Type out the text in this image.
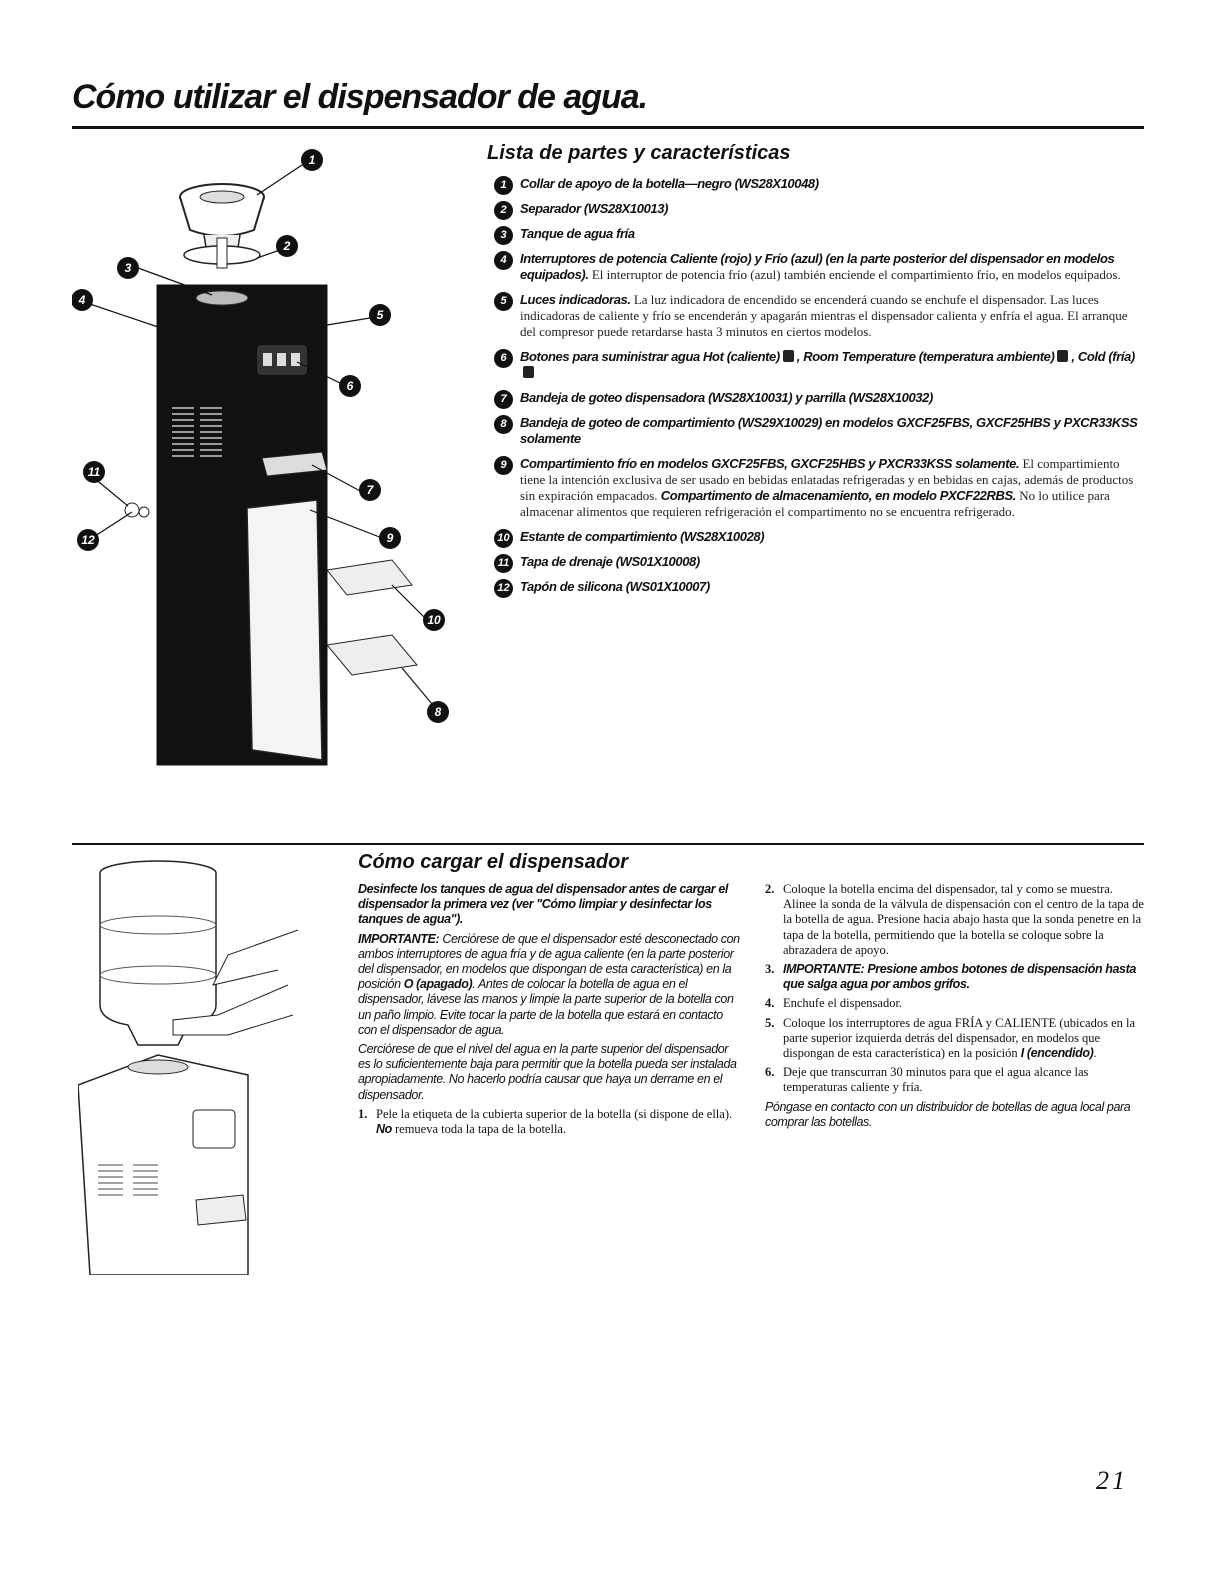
Cómo utilizar el dispensador de agua.
1
2
3
4
5
6
7
8
9
10
11
12
Lista de partes y características
1	Collar de apoyo de la botella—negro (WS28X10048)
2	Separador (WS28X10013)
3	Tanque de agua fría
4	Interruptores de potencia Caliente (rojo) y Frío (azul) (en la parte posterior del dispensador en modelos equipados). El interruptor de potencia frío (azul) también enciende el compartimiento frío, en modelos equipados.
5	Luces indicadoras. La luz indicadora de encendido se encenderá cuando se enchufe el dispensador. Las luces indicadoras de caliente y frío se encenderán y apagarán mientras el dispensador calienta y enfría el agua. El arranque del compresor puede retardarse hasta 3 minutos en ciertos modelos.
6	Botones para suministrar agua Hot (caliente) , Room Temperature (temperatura ambiente) , Cold (fría)
7	Bandeja de goteo dispensadora (WS28X10031) y parrilla (WS28X10032)
8	Bandeja de goteo de compartimiento (WS29X10029) en modelos GXCF25FBS, GXCF25HBS y PXCR33KSS solamente
9	Compartimiento frío en modelos GXCF25FBS, GXCF25HBS y PXCR33KSS solamente. El compartimiento tiene la intención exclusiva de ser usado en bebidas enlatadas refrigeradas y en bebidas en cajas, además de productos sin expiración empacados. Compartimento de almacenamiento, en modelo PXCF22RBS. No lo utilice para almacenar alimentos que requieren refrigeración el compartimento no se encuentra refrigerado.
10 Estante de compartimiento (WS28X10028)
11 Tapa de drenaje (WS01X10008)
12 Tapón de silicona (WS01X10007)
Cómo cargar el dispensador

Desinfecte los tanques de agua del dispensador antes de cargar el dispensador la primera vez (ver "Cómo limpiar y desinfectar los tanques de agua").

IMPORTANTE: Cerciórese de que el dispensador esté desconectado con ambos interruptores de agua fría y de agua caliente (en la parte posterior del dispensador, en modelos que dispongan de esta característica) en la posición O (apagado). Antes de colocar la botella de agua en el dispensador, lávese las manos y limpie la parte superior de la botella con un paño limpio. Evite tocar la parte de la botella que estará en contacto con el dispensador de agua.

Cerciórese de que el nivel del agua en la parte superior del dispensador es lo suficientemente baja para permitir que la botella pueda ser instalada apropiadamente. No hacerlo podría causar que haya un derrame en el dispensador.

1. Pele la etiqueta de la cubierta superior de la botella (si dispone de ella). No remueva toda la tapa de la botella.
2. Coloque la botella encima del dispensador, tal y como se muestra. Alinee la sonda de la válvula de dispensación con el centro de la tapa de la botella de agua. Presione hacia abajo hasta que la sonda penetre en la tapa de la botella, permitiendo que la botella se coloque sobre la abrazadera de apoyo.
3. IMPORTANTE: Presione ambos botones de dispensación hasta que salga agua por ambos grifos.
4. Enchufe el dispensador.
5. Coloque los interruptores de agua FRÍA y CALIENTE (ubicados en la parte superior izquierda detrás del dispensador, en modelos que dispongan de esta característica) en la posición I (encendido).
6. Deje que transcurran 30 minutos para que el agua alcance las temperaturas caliente y fría.

Póngase en contacto con un distribuidor de botellas de agua local para comprar las botellas.

21
